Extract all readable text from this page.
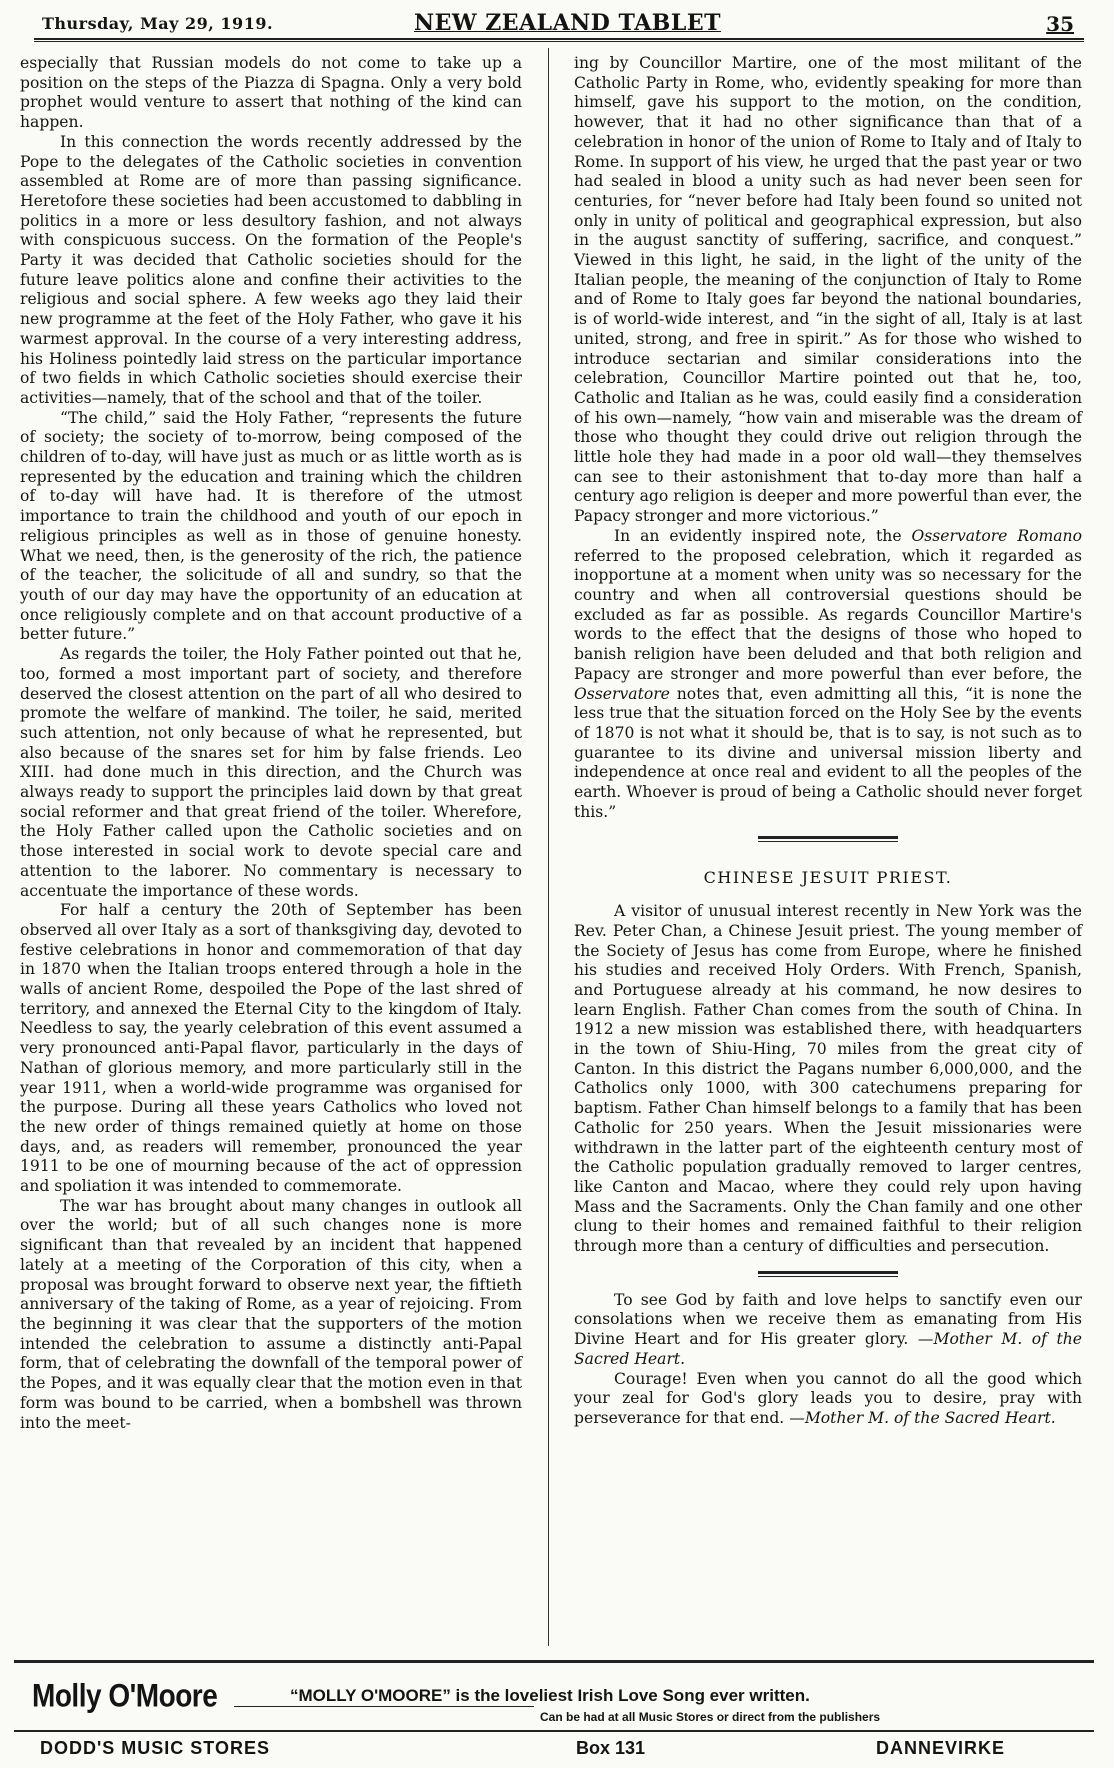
Thursday, May 29, 1919.	NEW ZEALAND TABLET	35

especially that Russian models do not come to take up a position on the steps of the Piazza di Spagna. Only a very bold prophet would venture to assert that nothing of the kind can happen.

In this connection the words recently addressed by the Pope to the delegates of the Catholic societies in convention assembled at Rome are of more than passing significance. Heretofore these societies had been accustomed to dabbling in politics in a more or less desultory fashion, and not always with conspicuous success. On the formation of the People's Party it was decided that Catholic societies should for the future leave politics alone and confine their activities to the religious and social sphere. A few weeks ago they laid their new programme at the feet of the Holy Father, who gave it his warmest approval. In the course of a very interesting address, his Holiness pointedly laid stress on the particular importance of two fields in which Catholic societies should exercise their activities—namely, that of the school and that of the toiler.

“The child,” said the Holy Father, “represents the future of society; the society of to-morrow, being composed of the children of to-day, will have just as much or as little worth as is represented by the education and training which the children of to-day will have had. It is therefore of the utmost importance to train the childhood and youth of our epoch in religious principles as well as in those of genuine honesty. What we need, then, is the generosity of the rich, the patience of the teacher, the solicitude of all and sundry, so that the youth of our day may have the opportunity of an education at once religiously complete and on that account productive of a better future.”

As regards the toiler, the Holy Father pointed out that he, too, formed a most important part of society, and therefore deserved the closest attention on the part of all who desired to promote the welfare of mankind. The toiler, he said, merited such attention, not only because of what he represented, but also because of the snares set for him by false friends. Leo XIII. had done much in this direction, and the Church was always ready to support the principles laid down by that great social reformer and that great friend of the toiler. Wherefore, the Holy Father called upon the Catholic societies and on those interested in social work to devote special care and attention to the laborer. No commentary is necessary to accentuate the importance of these words.

For half a century the 20th of September has been observed all over Italy as a sort of thanksgiving day, devoted to festive celebrations in honor and commemoration of that day in 1870 when the Italian troops entered through a hole in the walls of ancient Rome, despoiled the Pope of the last shred of territory, and annexed the Eternal City to the kingdom of Italy. Needless to say, the yearly celebration of this event assumed a very pronounced anti-Papal flavor, particularly in the days of Nathan of glorious memory, and more particularly still in the year 1911, when a world-wide programme was organised for the purpose. During all these years Catholics who loved not the new order of things remained quietly at home on those days, and, as readers will remember, pronounced the year 1911 to be one of mourning because of the act of oppression and spoliation it was intended to commemorate.

The war has brought about many changes in outlook all over the world; but of all such changes none is more significant than that revealed by an incident that happened lately at a meeting of the Corporation of this city, when a proposal was brought forward to observe next year, the fiftieth anniversary of the taking of Rome, as a year of rejoicing. From the beginning it was clear that the supporters of the motion intended the celebration to assume a distinctly anti-Papal form, that of celebrating the downfall of the temporal power of the Popes, and it was equally clear that the motion even in that form was bound to be carried, when a bombshell was thrown into the meet-

ing by Councillor Martire, one of the most militant of the Catholic Party in Rome, who, evidently speaking for more than himself, gave his support to the motion, on the condition, however, that it had no other significance than that of a celebration in honor of the union of Rome to Italy and of Italy to Rome. In support of his view, he urged that the past year or two had sealed in blood a unity such as had never been seen for centuries, for “never before had Italy been found so united not only in unity of political and geographical expression, but also in the august sanctity of suffering, sacrifice, and conquest.” Viewed in this light, he said, in the light of the unity of the Italian people, the meaning of the conjunction of Italy to Rome and of Rome to Italy goes far beyond the national boundaries, is of world-wide interest, and “in the sight of all, Italy is at last united, strong, and free in spirit.” As for those who wished to introduce sectarian and similar considerations into the celebration, Councillor Martire pointed out that he, too, Catholic and Italian as he was, could easily find a consideration of his own—namely, “how vain and miserable was the dream of those who thought they could drive out religion through the little hole they had made in a poor old wall—they themselves can see to their astonishment that to-day more than half a century ago religion is deeper and more powerful than ever, the Papacy stronger and more victorious.”

In an evidently inspired note, the Osservatore Romano referred to the proposed celebration, which it regarded as inopportune at a moment when unity was so necessary for the country and when all controversial questions should be excluded as far as possible. As regards Councillor Martire's words to the effect that the designs of those who hoped to banish religion have been deluded and that both religion and Papacy are stronger and more powerful than ever before, the Osservatore notes that, even admitting all this, “it is none the less true that the situation forced on the Holy See by the events of 1870 is not what it should be, that is to say, is not such as to guarantee to its divine and universal mission liberty and independence at once real and evident to all the peoples of the earth. Whoever is proud of being a Catholic should never forget this.”

CHINESE JESUIT PRIEST.

A visitor of unusual interest recently in New York was the Rev. Peter Chan, a Chinese Jesuit priest. The young member of the Society of Jesus has come from Europe, where he finished his studies and received Holy Orders. With French, Spanish, and Portuguese already at his command, he now desires to learn English. Father Chan comes from the south of China. In 1912 a new mission was established there, with headquarters in the town of Shiu-Hing, 70 miles from the great city of Canton. In this district the Pagans number 6,000,000, and the Catholics only 1000, with 300 catechumens preparing for baptism. Father Chan himself belongs to a family that has been Catholic for 250 years. When the Jesuit missionaries were withdrawn in the latter part of the eighteenth century most of the Catholic population gradually removed to larger centres, like Canton and Macao, where they could rely upon having Mass and the Sacraments. Only the Chan family and one other clung to their homes and remained faithful to their religion through more than a century of difficulties and persecution.

To see God by faith and love helps to sanctify even our consolations when we receive them as emanating from His Divine Heart and for His greater glory. —Mother M. of the Sacred Heart.

Courage! Even when you cannot do all the good which your zeal for God's glory leads you to desire, pray with perseverance for that end. —Mother M. of the Sacred Heart.

Molly O'Moore	“MOLLY O'MOORE” is the loveliest Irish Love Song ever written.
Can be had at all Music Stores or direct from the publishers
DODD'S MUSIC STORES	Box 131	DANNEVIRKE
